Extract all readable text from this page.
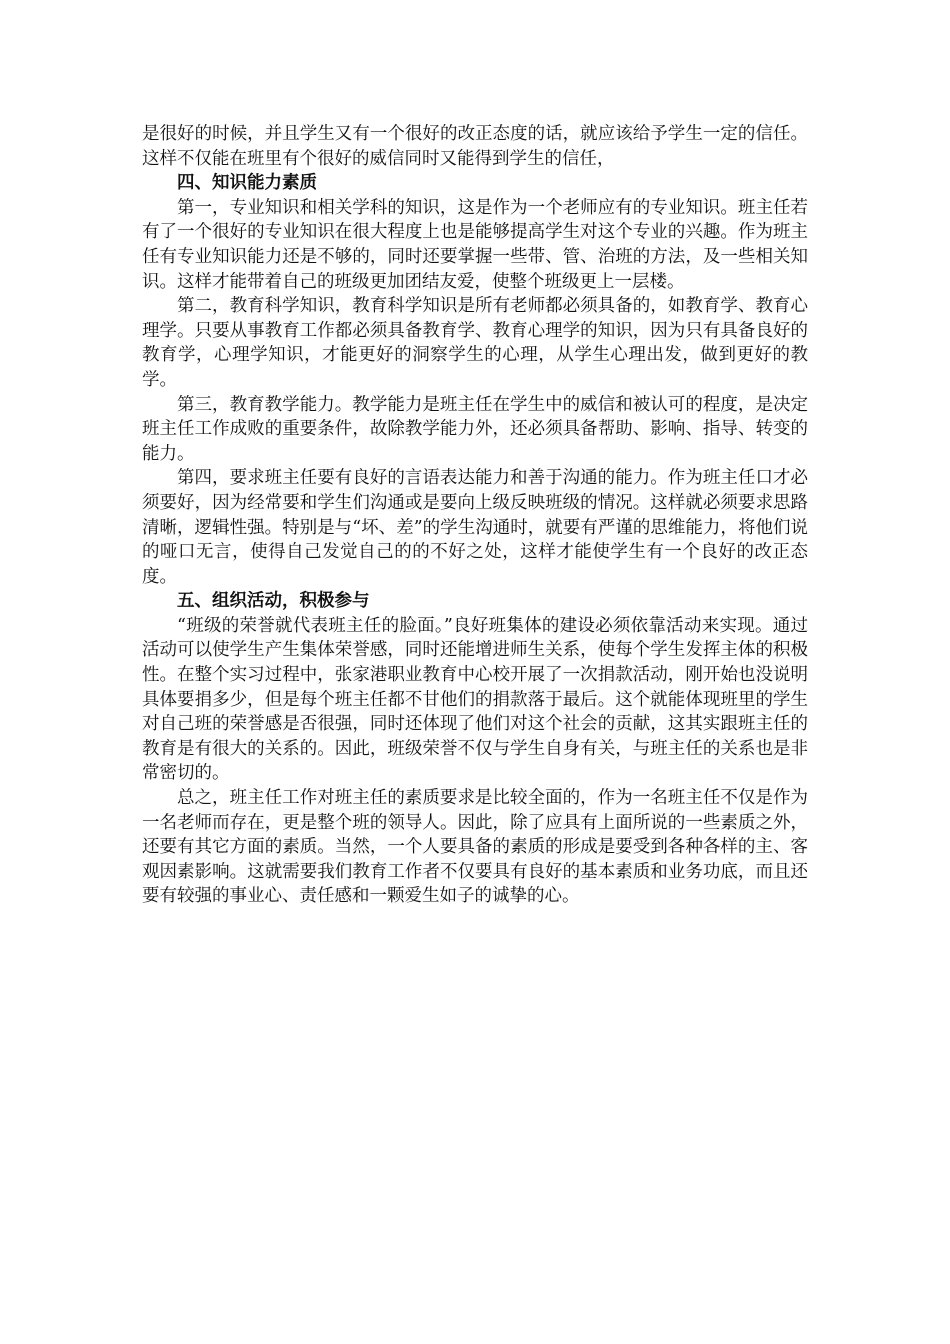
是很好的时候，并且学生又有一个很好的改正态度的话，就应该给予学生一定的信任。这样不仅能在班里有个很好的威信同时又能得到学生的信任，

四、知识能力素质

第一，专业知识和相关学科的知识，这是作为一个老师应有的专业知识。班主任若有了一个很好的专业知识在很大程度上也是能够提高学生对这个专业的兴趣。作为班主任有专业知识能力还是不够的，同时还要掌握一些带、管、治班的方法，及一些相关知识。这样才能带着自己的班级更加团结友爱，使整个班级更上一层楼。

第二，教育科学知识，教育科学知识是所有老师都必须具备的，如教育学、教育心理学。只要从事教育工作都必须具备教育学、教育心理学的知识，因为只有具备良好的教育学，心理学知识，才能更好的洞察学生的心理，从学生心理出发，做到更好的教学。

第三，教育教学能力。教学能力是班主任在学生中的威信和被认可的程度，是决定班主任工作成败的重要条件，故除教学能力外，还必须具备帮助、影响、指导、转变的能力。

第四，要求班主任要有良好的言语表达能力和善于沟通的能力。作为班主任口才必须要好，因为经常要和学生们沟通或是要向上级反映班级的情况。这样就必须要求思路清晰，逻辑性强。特别是与“坏、差”的学生沟通时，就要有严谨的思维能力，将他们说的哑口无言，使得自己发觉自己的的不好之处，这样才能使学生有一个良好的改正态度。

五、组织活动，积极参与

“班级的荣誉就代表班主任的脸面。”良好班集体的建设必须依靠活动来实现。通过活动可以使学生产生集体荣誉感，同时还能增进师生关系，使每个学生发挥主体的积极性。在整个实习过程中，张家港职业教育中心校开展了一次捐款活动，刚开始也没说明具体要捐多少，但是每个班主任都不甘他们的捐款落于最后。这个就能体现班里的学生对自己班的荣誉感是否很强，同时还体现了他们对这个社会的贡献，这其实跟班主任的教育是有很大的关系的。因此，班级荣誉不仅与学生自身有关，与班主任的关系也是非常密切的。

总之，班主任工作对班主任的素质要求是比较全面的，作为一名班主任不仅是作为一名老师而存在，更是整个班的领导人。因此，除了应具有上面所说的一些素质之外，还要有其它方面的素质。当然，一个人要具备的素质的形成是要受到各种各样的主、客观因素影响。这就需要我们教育工作者不仅要具有良好的基本素质和业务功底，而且还要有较强的事业心、责任感和一颗爱生如子的诚挚的心。
